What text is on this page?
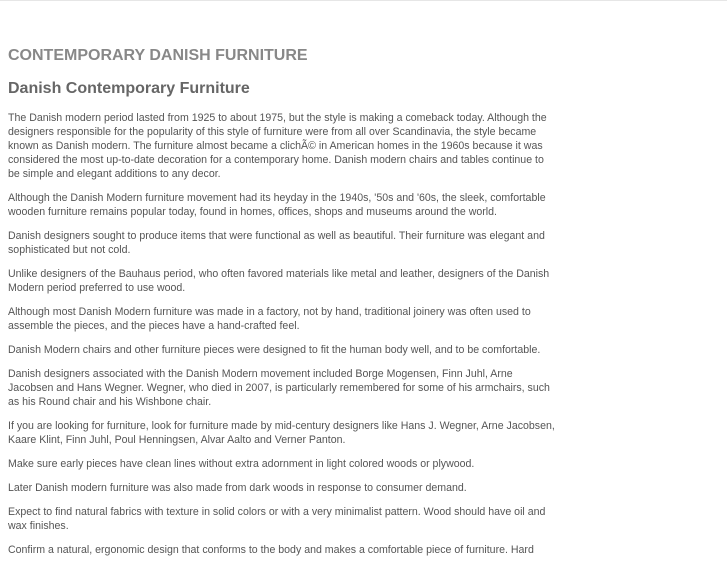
CONTEMPORARY DANISH FURNITURE
Danish Contemporary Furniture

The Danish modern period lasted from 1925 to about 1975, but the style is making a comeback today. Although the designers responsible for the popularity of this style of furniture were from all over Scandinavia, the style became known as Danish modern. The furniture almost became a clichÃ© in American homes in the 1960s because it was considered the most up-to-date decoration for a contemporary home. Danish modern chairs and tables continue to be simple and elegant additions to any decor.

Although the Danish Modern furniture movement had its heyday in the 1940s, '50s and '60s, the sleek, comfortable wooden furniture remains popular today, found in homes, offices, shops and museums around the world.

Danish designers sought to produce items that were functional as well as beautiful. Their furniture was elegant and sophisticated but not cold.

Unlike designers of the Bauhaus period, who often favored materials like metal and leather, designers of the Danish Modern period preferred to use wood.

Although most Danish Modern furniture was made in a factory, not by hand, traditional joinery was often used to assemble the pieces, and the pieces have a hand-crafted feel.

Danish Modern chairs and other furniture pieces were designed to fit the human body well, and to be comfortable.

Danish designers associated with the Danish Modern movement included Borge Mogensen, Finn Juhl, Arne Jacobsen and Hans Wegner. Wegner, who died in 2007, is particularly remembered for some of his armchairs, such as his Round chair and his Wishbone chair.

If you are looking for furniture, look for furniture made by mid-century designers like Hans J. Wegner, Arne Jacobsen, Kaare Klint, Finn Juhl, Poul Henningsen, Alvar Aalto and Verner Panton.

Make sure early pieces have clean lines without extra adornment in light colored woods or plywood.

Later Danish modern furniture was also made from dark woods in response to consumer demand.

Expect to find natural fabrics with texture in solid colors or with a very minimalist pattern. Wood should have oil and wax finishes.

Confirm a natural, ergonomic design that conforms to the body and makes a comfortable piece of furniture. Hard
